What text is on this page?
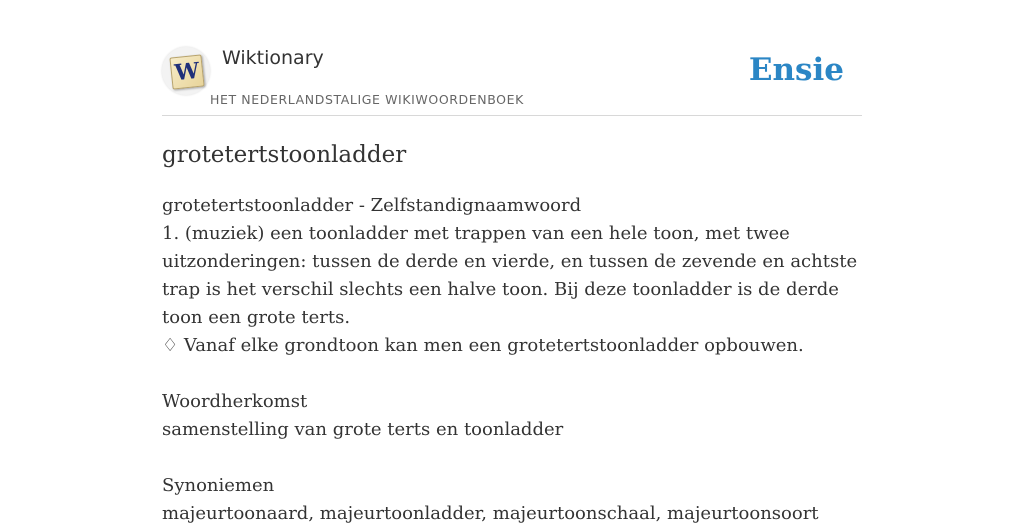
W Wiktionary
HET NEDERLANDSTALIGE WIKIWOORDENBOEK
Ensie
grotetertstoonladder

grotetertstoonladder - Zelfstandignaamwoord

1. (muziek) een toonladder met trappen van een hele toon, met twee uitzonderingen: tussen de derde en vierde, en tussen de zevende en achtste trap is het verschil slechts een halve toon. Bij deze toonladder is de derde toon een grote terts.

♢ Vanaf elke grondtoon kan men een grotetertstoonladder opbouwen.

Woordherkomst

samenstelling van grote terts en toonladder

Synoniemen

majeurtoonaard, majeurtoonladder, majeurtoonschaal, majeurtoonsoort
